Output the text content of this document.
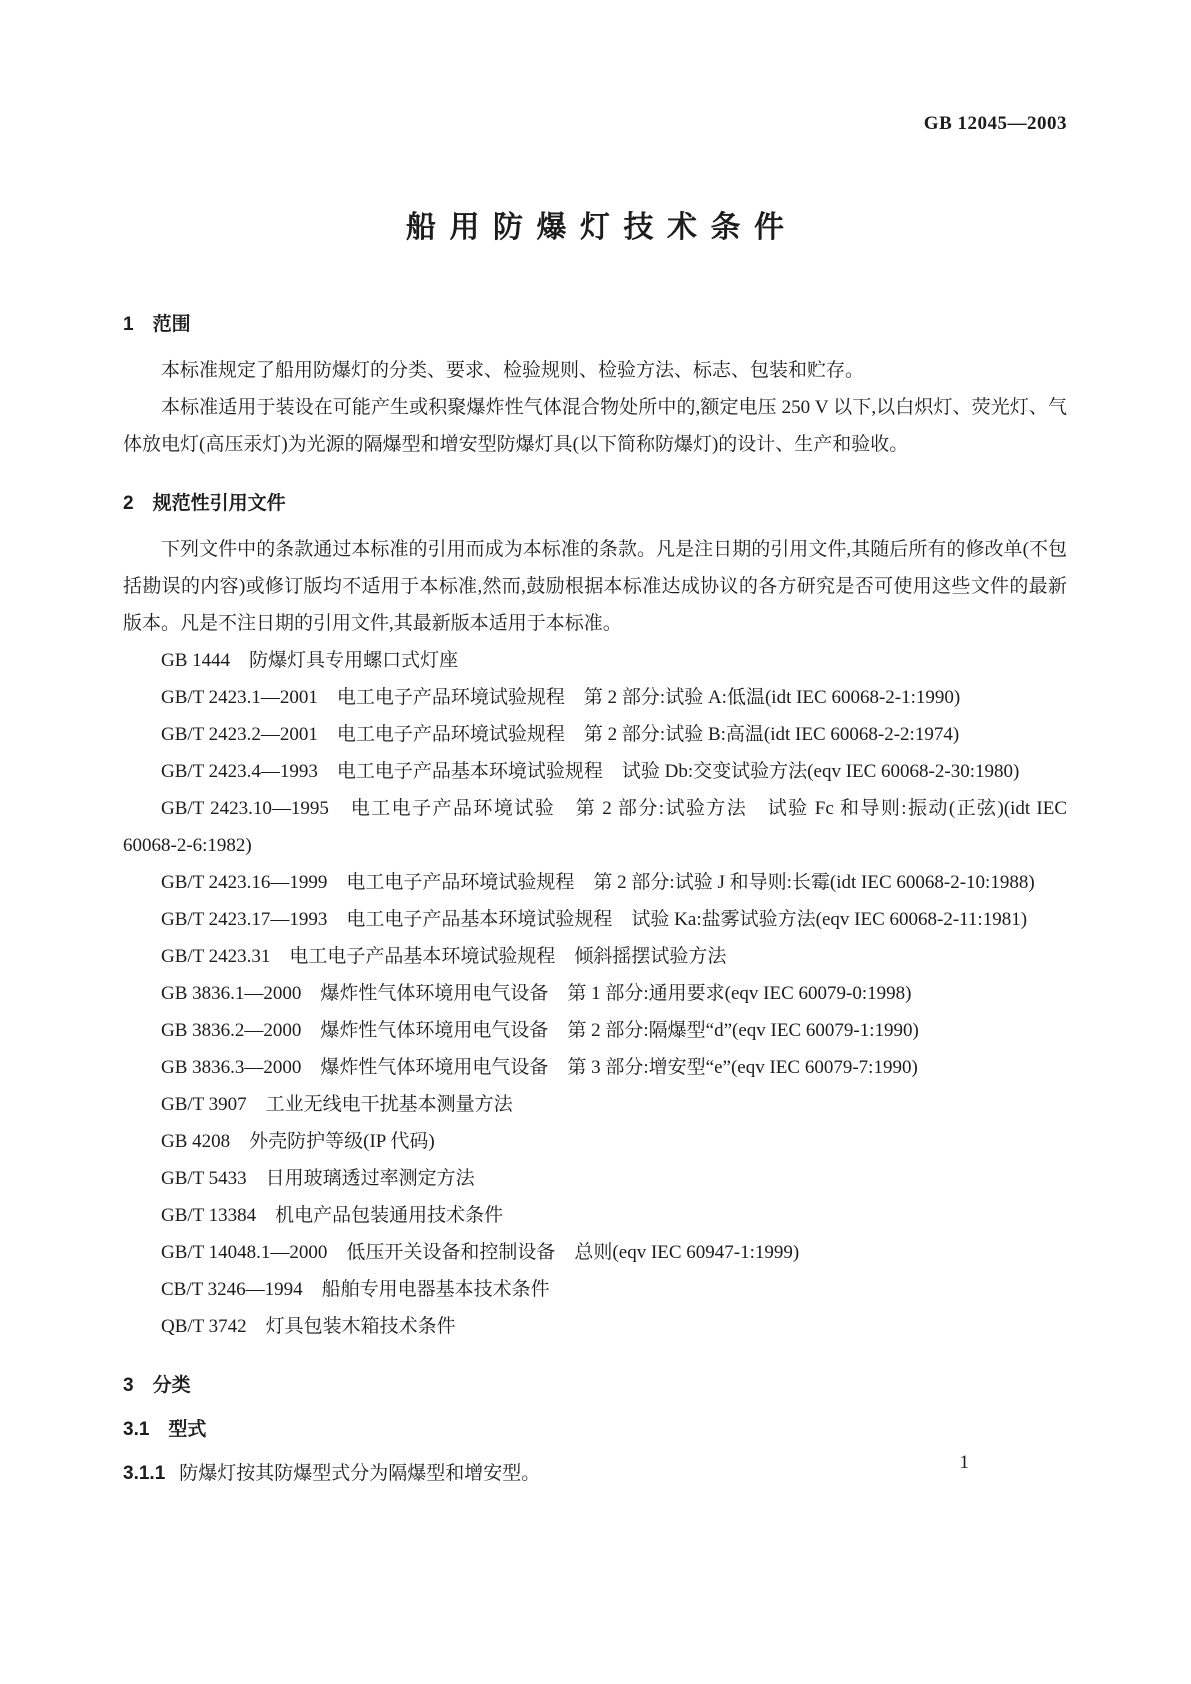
GB 12045—2003
船用防爆灯技术条件
1　范围

本标准规定了船用防爆灯的分类、要求、检验规则、检验方法、标志、包装和贮存。

本标准适用于装设在可能产生或积聚爆炸性气体混合物处所中的,额定电压 250 V 以下,以白炽灯、荧光灯、气体放电灯(高压汞灯)为光源的隔爆型和增安型防爆灯具(以下简称防爆灯)的设计、生产和验收。

2　规范性引用文件

下列文件中的条款通过本标准的引用而成为本标准的条款。凡是注日期的引用文件,其随后所有的修改单(不包括勘误的内容)或修订版均不适用于本标准,然而,鼓励根据本标准达成协议的各方研究是否可使用这些文件的最新版本。凡是不注日期的引用文件,其最新版本适用于本标准。

GB 1444　防爆灯具专用螺口式灯座

GB/T 2423.1—2001　电工电子产品环境试验规程　第 2 部分:试验 A:低温(idt IEC 60068-2-1:1990)

GB/T 2423.2—2001　电工电子产品环境试验规程　第 2 部分:试验 B:高温(idt IEC 60068-2-2:1974)

GB/T 2423.4—1993　电工电子产品基本环境试验规程　试验 Db:交变试验方法(eqv IEC 60068-2-30:1980)

GB/T 2423.10—1995　电工电子产品环境试验　第 2 部分:试验方法　试验 Fc 和导则:振动(正弦)(idt IEC 60068-2-6:1982)

GB/T 2423.16—1999　电工电子产品环境试验规程　第 2 部分:试验 J 和导则:长霉(idt IEC 60068-2-10:1988)

GB/T 2423.17—1993　电工电子产品基本环境试验规程　试验 Ka:盐雾试验方法(eqv IEC 60068-2-11:1981)

GB/T 2423.31　电工电子产品基本环境试验规程　倾斜摇摆试验方法

GB 3836.1—2000　爆炸性气体环境用电气设备　第 1 部分:通用要求(eqv IEC 60079-0:1998)

GB 3836.2—2000　爆炸性气体环境用电气设备　第 2 部分:隔爆型“d”(eqv IEC 60079-1:1990)

GB 3836.3—2000　爆炸性气体环境用电气设备　第 3 部分:增安型“e”(eqv IEC 60079-7:1990)

GB/T 3907　工业无线电干扰基本测量方法

GB 4208　外壳防护等级(IP 代码)

GB/T 5433　日用玻璃透过率测定方法

GB/T 13384　机电产品包装通用技术条件

GB/T 14048.1—2000　低压开关设备和控制设备　总则(eqv IEC 60947-1:1999)

CB/T 3246—1994　船舶专用电器基本技术条件

QB/T 3742　灯具包装木箱技术条件

3　分类
3.1　型式

3.1.1 防爆灯按其防爆型式分为隔爆型和增安型。

1
